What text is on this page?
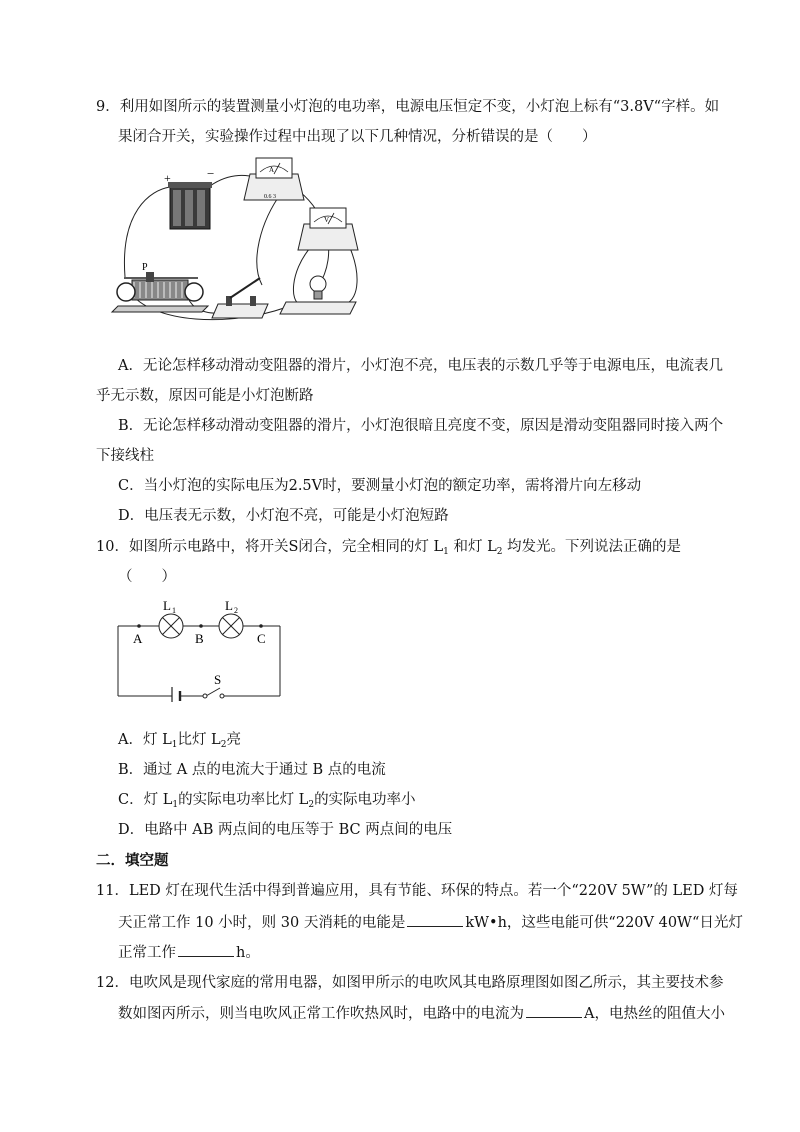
9．利用如图所示的装置测量小灯泡的电功率，电源电压恒定不变，小灯泡上标有“3.8V“字样。如
果闭合开关，实验操作过程中出现了以下几种情况，分析错误的是（　　）
+	−	A
0.6 3
V
P
A．无论怎样移动滑动变阻器的滑片，小灯泡不亮，电压表的示数几乎等于电源电压，电流表几
乎无示数，原因可能是小灯泡断路
B．无论怎样移动滑动变阻器的滑片，小灯泡很暗且亮度不变，原因是滑动变阻器同时接入两个
下接线柱
C．当小灯泡的实际电压为2.5V时，要测量小灯泡的额定功率，需将滑片向左移动
D．电压表无示数，小灯泡不亮，可能是小灯泡短路
10．如图所示电路中，将开关S闭合，完全相同的灯 $L_1$ 和灯 $L_2$ 均发光。下列说法正确的是
（　　）
L 1	L 2
A	B	C
S
A．灯 $L_1$比灯 $L_2$亮
B．通过 A 点的电流大于通过 B 点的电流
C．灯 $L_1$的实际电功率比灯 $L_2$的实际电功率小
D．电路中 AB 两点间的电压等于 BC 两点间的电压
二．填空题
11．LED 灯在现代生活中得到普遍应用，具有节能、环保的特点。若一个“220V 5W”的 LED 灯每
天正常工作 10 小时，则 30 天消耗的电能是	kW•h，这些电能可供“220V 40W“日光灯
正常工作	h。
12．电吹风是现代家庭的常用电器，如图甲所示的电吹风其电路原理图如图乙所示，其主要技术参
数如图丙所示，则当电吹风正常工作吹热风时，电路中的电流为	A，电热丝的阻值大小
